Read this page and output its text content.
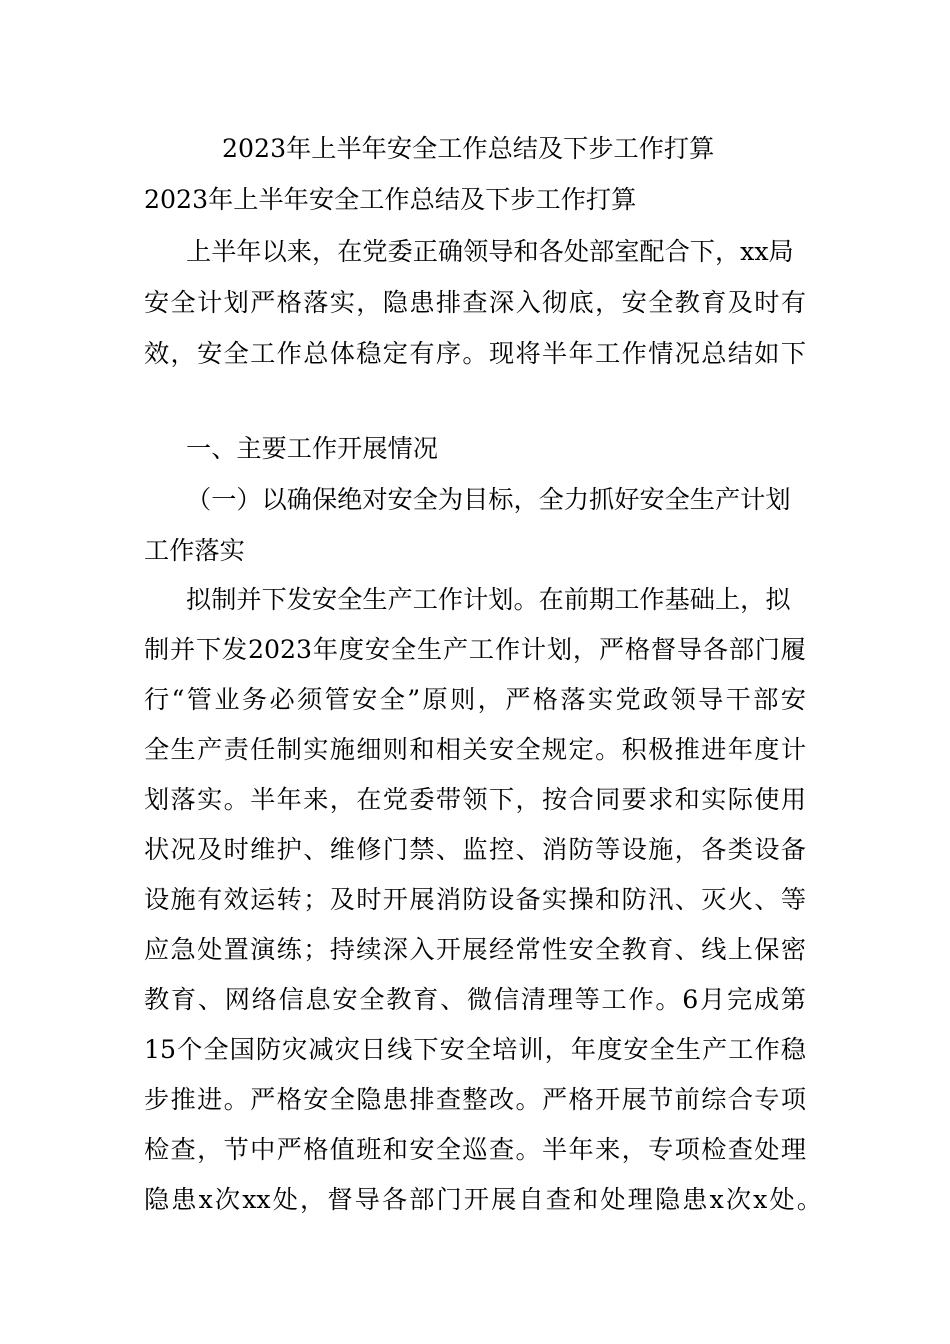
2023年上半年安全工作总结及下步工作打算

2023年上半年安全工作总结及下步工作打算

上半年以来，在党委正确领导和各处部室配合下，xx局

安全计划严格落实，隐患排查深入彻底，安全教育及时有

效，安全工作总体稳定有序。现将半年工作情况总结如下

一、主要工作开展情况

（一）以确保绝对安全为目标，全力抓好安全生产计划

工作落实

拟制并下发安全生产工作计划。在前期工作基础上，拟

制并下发2023年度安全生产工作计划，严格督导各部门履

行“管业务必须管安全”原则，严格落实党政领导干部安

全生产责任制实施细则和相关安全规定。积极推进年度计

划落实。半年来，在党委带领下，按合同要求和实际使用

状况及时维护、维修门禁、监控、消防等设施，各类设备

设施有效运转；及时开展消防设备实操和防汛、灭火、等

应急处置演练；持续深入开展经常性安全教育、线上保密

教育、网络信息安全教育、微信清理等工作。6月完成第

15个全国防灾减灾日线下安全培训，年度安全生产工作稳

步推进。严格安全隐患排查整改。严格开展节前综合专项

检查，节中严格值班和安全巡查。半年来，专项检查处理

隐患x次xx处，督导各部门开展自查和处理隐患x次x处。
